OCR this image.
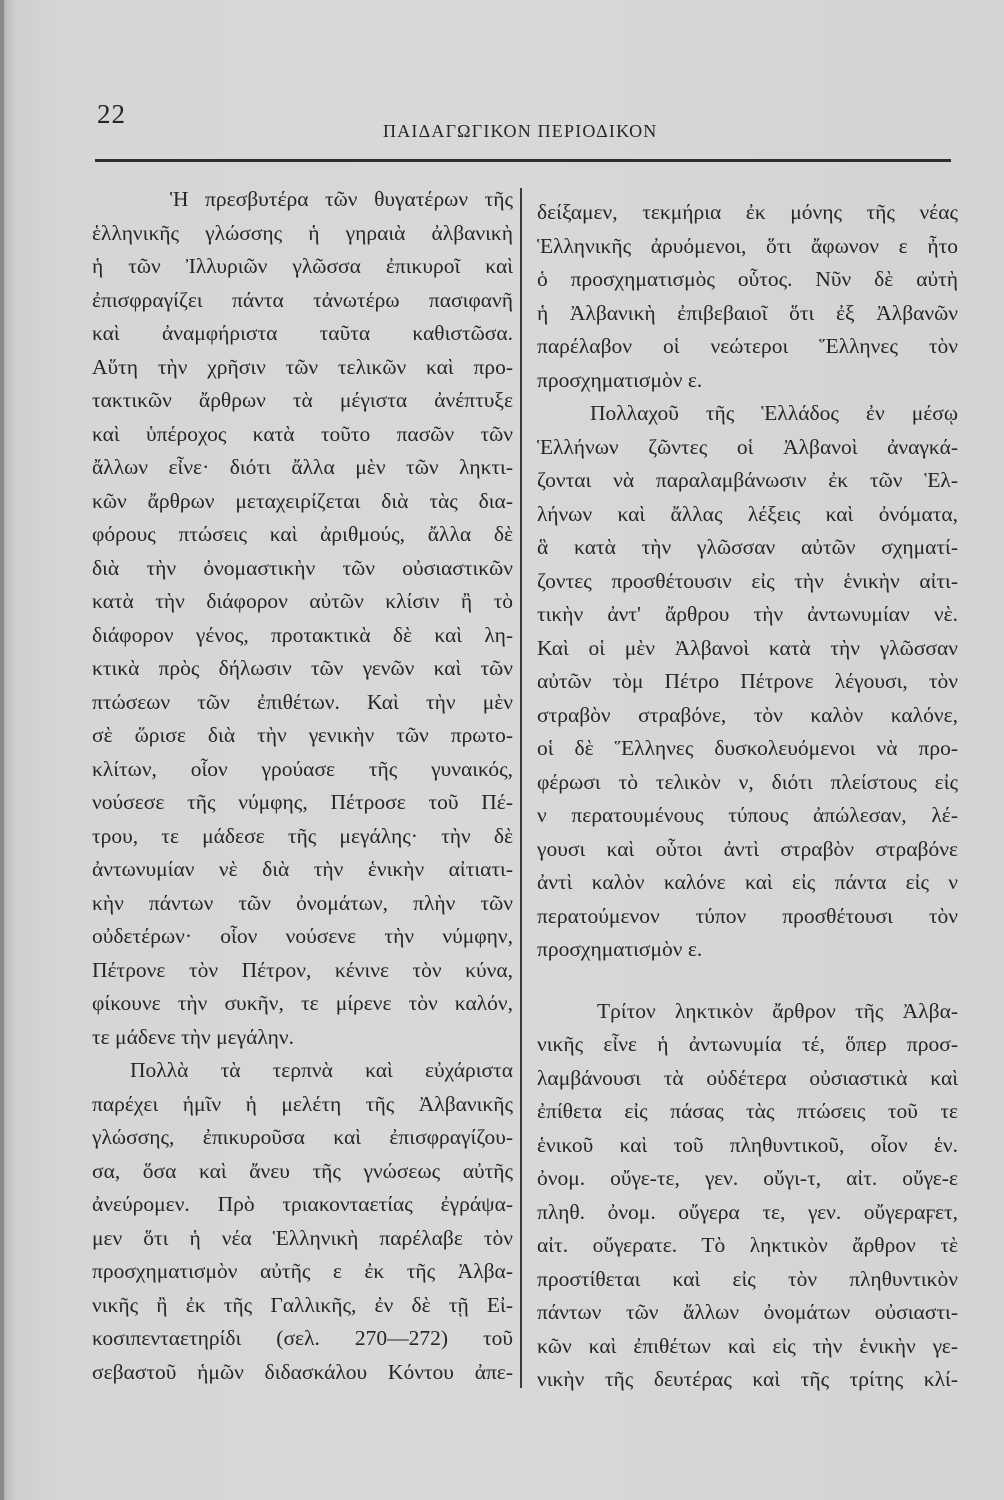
22
ΠΑΙΔΑΓΩΓΙΚΟΝ ΠΕΡΙΟΔΙΚΟΝ
Ἡ πρεσβυτέρα τῶν θυγατέρων τῆς
ἑλληνικῆς γλώσσης ἡ γηραιὰ ἀλβανικὴ
ἡ τῶν Ἰλλυριῶν γλῶσσα ἐπικυροῖ καὶ
ἐπισφραγίζει πάντα τἀνωτέρω πασιφανῆ
καὶ ἀναμφήριστα ταῦτα καθιστῶσα.
Αὕτη τὴν χρῆσιν τῶν τελικῶν καὶ προ-
τακτικῶν ἄρθρων τὰ μέγιστα ἀνέπτυξε
καὶ ὑπέροχος κατὰ τοῦτο πασῶν τῶν
ἄλλων εἶνε· διότι ἄλλα μὲν τῶν ληκτι-
κῶν ἄρθρων μεταχειρίζεται διὰ τὰς δια-
φόρους πτώσεις καὶ ἀριθμούς, ἄλλα δὲ
διὰ τὴν ὀνομαστικὴν τῶν οὐσιαστικῶν
κατὰ τὴν διάφορον αὐτῶν κλίσιν ἢ τὸ
διάφορον γένος, προτακτικὰ δὲ καὶ λη-
κτικὰ πρὸς δήλωσιν τῶν γενῶν καὶ τῶν
πτώσεων τῶν ἐπιθέτων. Καὶ τὴν μὲν
σὲ ὥρισε διὰ τὴν γενικὴν τῶν πρωτο-
κλίτων, οἷον γρούασε τῆς γυναικός,
νούσεσε τῆς νύμφης, Πέτροσε τοῦ Πέ-
τρου, τε μάδεσε τῆς μεγάλης· τὴν δὲ
ἀντωνυμίαν νὲ διὰ τὴν ἑνικὴν αἰτιατι-
κὴν πάντων τῶν ὀνομάτων, πλὴν τῶν
οὐδετέρων· οἷον νούσενε τὴν νύμφην,
Πέτρονε τὸν Πέτρον, κένινε τὸν κύνα,
φίκουνε τὴν συκῆν, τε μίρενε τὸν καλόν,
τε μάδενε τὴν μεγάλην.
Πολλὰ τὰ τερπνὰ καὶ εὐχάριστα
παρέχει ἡμῖν ἡ μελέτη τῆς Ἀλβανικῆς
γλώσσης, ἐπικυροῦσα καὶ ἐπισφραγίζου-
σα, ὅσα καὶ ἄνευ τῆς γνώσεως αὐτῆς
ἀνεύρομεν. Πρὸ τριακονταετίας ἐγράψα-
μεν ὅτι ἡ νέα Ἑλληνικὴ παρέλαβε τὸν
προσχηματισμὸν αὐτῆς ε ἐκ τῆς Ἀλβα-
νικῆς ἢ ἐκ τῆς Γαλλικῆς, ἐν δὲ τῇ Εἰ-
κοσιπενταετηρίδι (σελ. 270—272) τοῦ
σεβαστοῦ ἡμῶν διδασκάλου Κόντου ἀπε-
δείξαμεν, τεκμήρια ἐκ μόνης τῆς νέας
Ἑλληνικῆς ἀρυόμενοι, ὅτι ἄφωνον ε ἦτο
ὁ προσχηματισμὸς οὗτος. Νῦν δὲ αὐτὴ
ἡ Ἀλβανικὴ ἐπιβεβαιοῖ ὅτι ἐξ Ἀλβανῶν
παρέλαβον οἱ νεώτεροι Ἕλληνες τὸν
προσχηματισμὸν ε.
Πολλαχοῦ τῆς Ἑλλάδος ἐν μέσῳ
Ἑλλήνων ζῶντες οἱ Ἀλβανοὶ ἀναγκά-
ζονται νὰ παραλαμβάνωσιν ἐκ τῶν Ἑλ-
λήνων καὶ ἄλλας λέξεις καὶ ὀνόματα,
ἃ κατὰ τὴν γλῶσσαν αὐτῶν σχηματί-
ζοντες προσθέτουσιν εἰς τὴν ἑνικὴν αἰτι-
τικὴν ἀντ' ἄρθρου τὴν ἀντωνυμίαν νὲ.
Καὶ οἱ μὲν Ἀλβανοὶ κατὰ τὴν γλῶσσαν
αὐτῶν τὸμ Πέτρο Πέτρονε λέγουσι, τὸν
στραβὸν στραβόνε, τὸν καλὸν καλόνε,
οἱ δὲ Ἕλληνες δυσκολευόμενοι νὰ προ-
φέρωσι τὸ τελικὸν ν, διότι πλείστους εἰς
ν περατουμένους τύπους ἀπώλεσαν, λέ-
γουσι καὶ οὗτοι ἀντὶ στραβὸν στραβόνε
ἀντὶ καλὸν καλόνε καὶ εἰς πάντα εἰς ν
περατούμενον τύπον προσθέτουσι τὸν
προσχηματισμὸν ε.
Τρίτον ληκτικὸν ἄρθρον τῆς Ἀλβα-
νικῆς εἶνε ἡ ἀντωνυμία τέ, ὅπερ προσ-
λαμβάνουσι τὰ οὐδέτερα οὐσιαστικὰ καὶ
ἐπίθετα εἰς πάσας τὰς πτώσεις τοῦ τε
ἑνικοῦ καὶ τοῦ πληθυντικοῦ, οἷον ἑν.
ὀνομ. οὔγε-τε, γεν. οὔγι-τ, αἰτ. οὔγε-ε
πληθ. ὀνομ. οὔγερα τε, γεν. οὔγεραϝετ,
αἰτ. οὔγερατε. Τὸ ληκτικὸν ἄρθρον τὲ
προστίθεται καὶ εἰς τὸν πληθυντικὸν
πάντων τῶν ἄλλων ὀνομάτων οὐσιαστι-
κῶν καὶ ἐπιθέτων καὶ εἰς τὴν ἑνικὴν γε-
νικὴν τῆς δευτέρας καὶ τῆς τρίτης κλί-
